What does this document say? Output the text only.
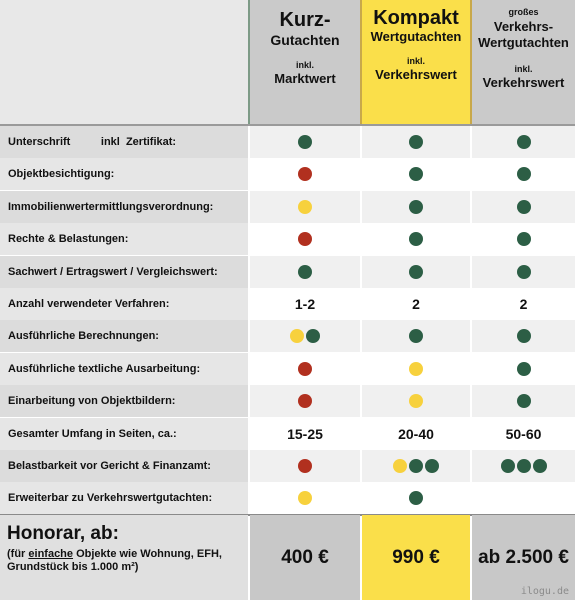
Kurz-
Gutachten
inkl.
Marktwert
Kompakt
Wertgutachten
inkl.
Verkehrswert
großes
Verkehrs-
Wertgutachten
inkl.
Verkehrswert
Unterschrift          inkl  Zertifikat:
Objektbesichtigung:
Immobilienwertermittlungsverordnung:
Rechte & Belastungen:
Sachwert / Ertragswert / Vergleichswert:
Anzahl verwendeter Verfahren:	1-2	2	2
Ausführliche Berechnungen:
Ausführliche textliche Ausarbeitung:
Einarbeitung von Objektbildern:
Gesamter Umfang in Seiten, ca.:	15-25	20-40	50-60
Belastbarkeit vor Gericht & Finanzamt:
Erweiterbar zu Verkehrswertgutachten:
Honorar, ab:
(für einfache Objekte wie Wohnung, EFH, Grundstück bis 1.000 m²)	400 €	990 €	ab 2.500 €
ilogu.de
